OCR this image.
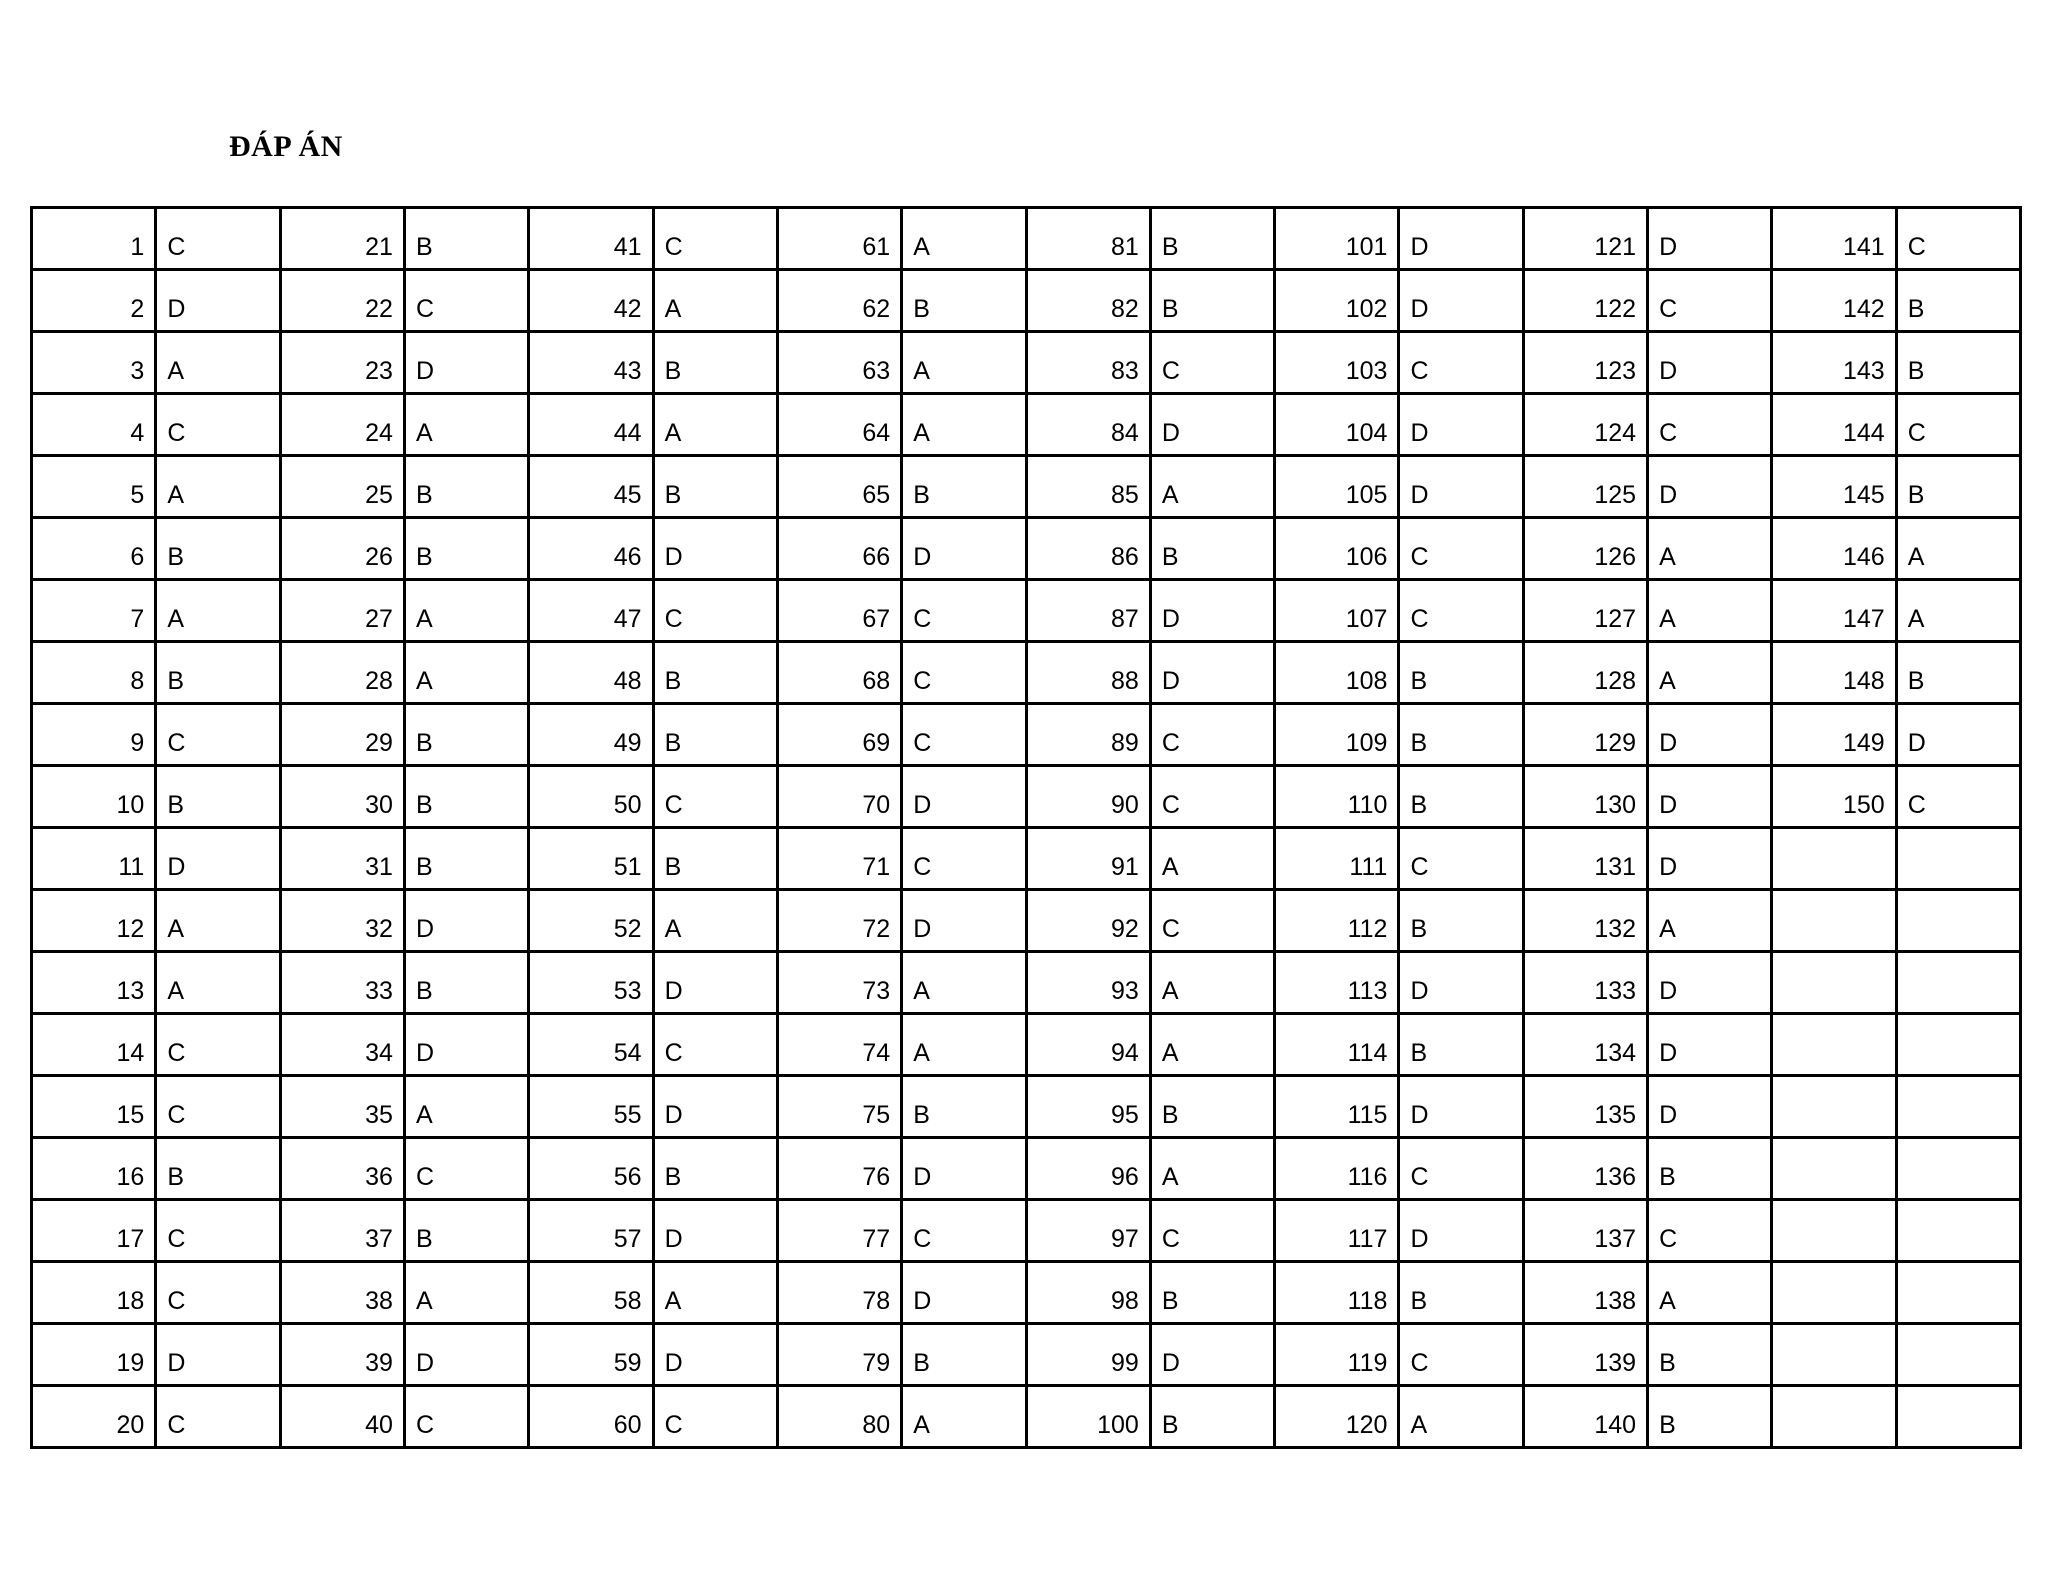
ĐÁP ÁN
1	C	21	B	41	C	61	A	81	B	101	D	121	D	141	C
2	D	22	C	42	A	62	B	82	B	102	D	122	C	142	B
3	A	23	D	43	B	63	A	83	C	103	C	123	D	143	B
4	C	24	A	44	A	64	A	84	D	104	D	124	C	144	C
5	A	25	B	45	B	65	B	85	A	105	D	125	D	145	B
6	B	26	B	46	D	66	D	86	B	106	C	126	A	146	A
7	A	27	A	47	C	67	C	87	D	107	C	127	A	147	A
8	B	28	A	48	B	68	C	88	D	108	B	128	A	148	B
9	C	29	B	49	B	69	C	89	C	109	B	129	D	149	D
10	B	30	B	50	C	70	D	90	C	110	B	130	D	150	C
11	D	31	B	51	B	71	C	91	A	111	C	131	D		
12	A	32	D	52	A	72	D	92	C	112	B	132	A		
13	A	33	B	53	D	73	A	93	A	113	D	133	D		
14	C	34	D	54	C	74	A	94	A	114	B	134	D		
15	C	35	A	55	D	75	B	95	B	115	D	135	D		
16	B	36	C	56	B	76	D	96	A	116	C	136	B		
17	C	37	B	57	D	77	C	97	C	117	D	137	C		
18	C	38	A	58	A	78	D	98	B	118	B	138	A		
19	D	39	D	59	D	79	B	99	D	119	C	139	B		
20	C	40	C	60	C	80	A	100	B	120	A	140	B		
